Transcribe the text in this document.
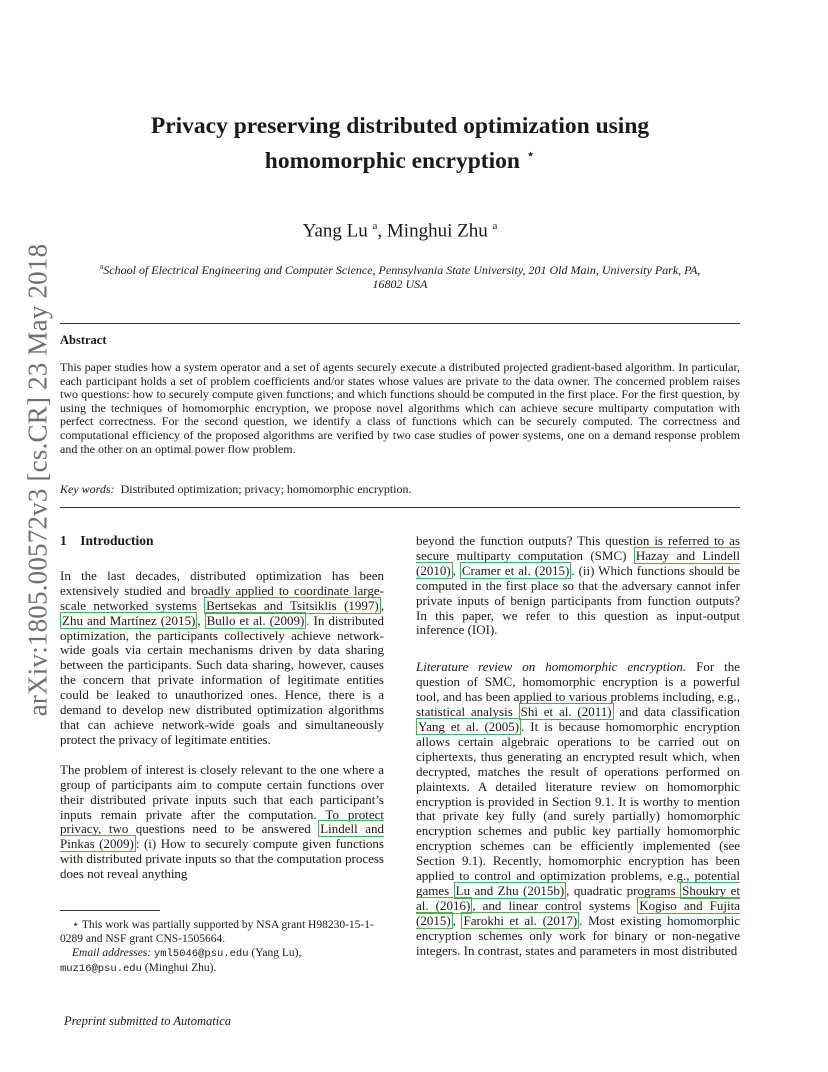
arXiv:1805.00572v3 [cs.CR] 23 May 2018
Privacy preserving distributed optimization using
homomorphic encryption ⋆
Yang Lu $^a$, Minghui Zhu $^a$
$^a$School of Electrical Engineering and Computer Science, Pennsylvania State University, 201 Old Main, University Park, PA,
16802 USA
Abstract
This paper studies how a system operator and a set of agents securely execute a distributed projected gradient-based algorithm. In particular, each participant holds a set of problem coefficients and/or states whose values are private to the data owner. The concerned problem raises two questions: how to securely compute given functions; and which functions should be computed in the first place. For the first question, by using the techniques of homomorphic encryption, we propose novel algorithms which can achieve secure multiparty computation with perfect correctness. For the second question, we identify a class of functions which can be securely computed. The correctness and computational efficiency of the proposed algorithms are verified by two case studies of power systems, one on a demand response problem and the other on an optimal power flow problem.
Key words: Distributed optimization; privacy; homomorphic encryption.
1 Introduction

In the last decades, distributed optimization has been extensively studied and broadly applied to coordinate large-scale networked systems Bertsekas and Tsitsiklis (1997) , Zhu and Martínez (2015) , Bullo et al. (2009) . In distributed optimization, the participants collectively achieve network-wide goals via certain mechanisms driven by data sharing between the participants. Such data sharing, however, causes the concern that private information of legitimate entities could be leaked to unauthorized ones. Hence, there is a demand to develop new distributed optimization algorithms that can achieve network-wide goals and simultaneously protect the privacy of legitimate entities.

The problem of interest is closely relevant to the one where a group of participants aim to compute certain functions over their distributed private inputs such that each participant’s inputs remain private after the computation. To protect privacy, two questions need to be answered Lindell and Pinkas (2009) : (i) How to securely compute given functions with distributed private inputs so that the computation process does not reveal anything

⋆ This work was partially supported by NSA grant H98230-15-1-0289 and NSF grant CNS-1505664.
Email addresses: yml5046@psu.edu (Yang Lu),
muz16@psu.edu (Minghui Zhu).

beyond the function outputs? This question is referred to as secure multiparty computation (SMC) Hazay and Lindell (2010) , Cramer et al. (2015) . (ii) Which functions should be computed in the first place so that the adversary cannot infer private inputs of benign participants from function outputs? In this paper, we refer to this question as input-output inference (IOI).

Literature review on homomorphic encryption. For the question of SMC, homomorphic encryption is a powerful tool, and has been applied to various problems including, e.g., statistical analysis Shi et al. (2011) and data classification Yang et al. (2005) . It is because homomorphic encryption allows certain algebraic operations to be carried out on ciphertexts, thus generating an encrypted result which, when decrypted, matches the result of operations performed on plaintexts. A detailed literature review on homomorphic encryption is provided in Section 9.1. It is worthy to mention that private key fully (and surely partially) homomorphic encryption schemes and public key partially homomorphic encryption schemes can be efficiently implemented (see Section 9.1). Recently, homomorphic encryption has been applied to control and optimization problems, e.g., potential games Lu and Zhu (2015b) , quadratic programs Shoukry et al. (2016) , and linear control systems Kogiso and Fujita (2015) , Farokhi et al. (2017) . Most existing homomorphic encryption schemes only work for binary or non-negative integers. In contrast, states and parameters in most distributed

Preprint submitted to Automatica
